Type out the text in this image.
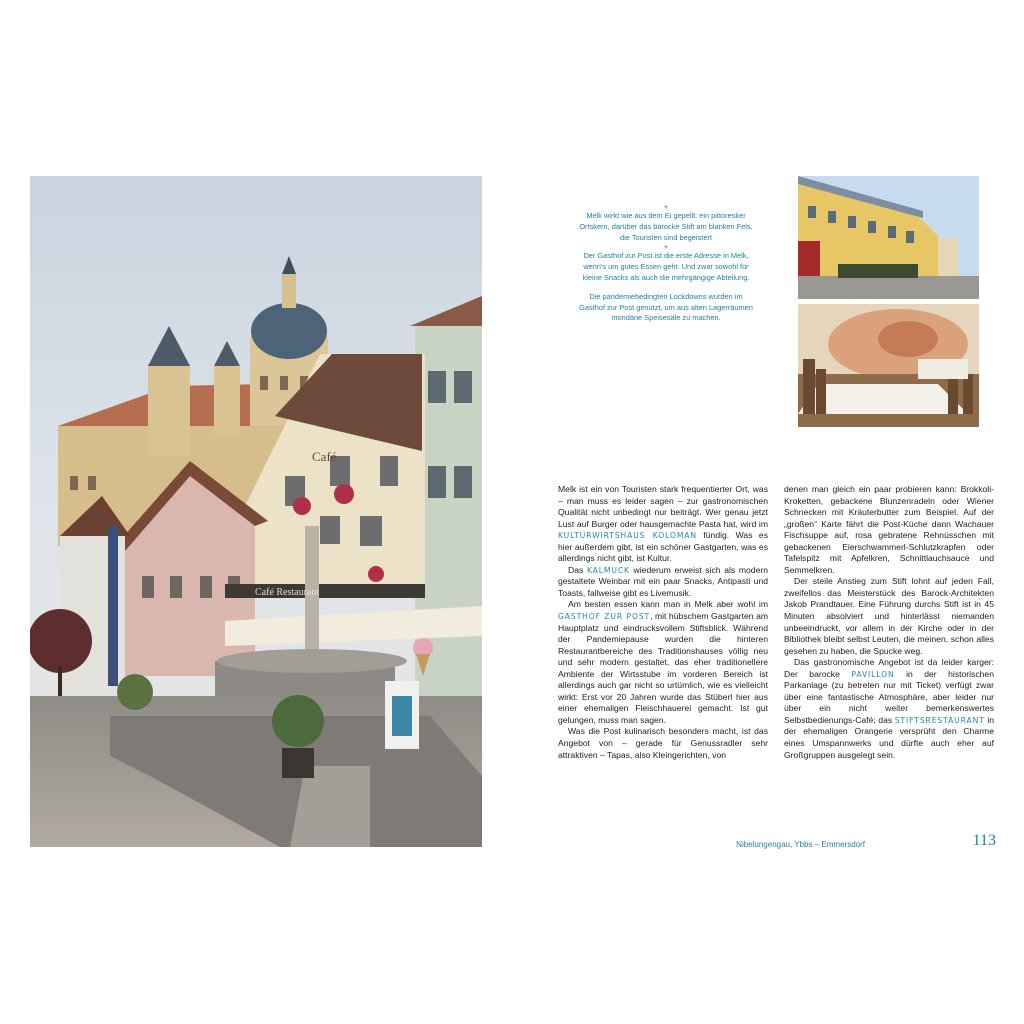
Café
Café Restaurant
+

Melk wirkt wie aus dem Ei gepellt: ein pittoresker Ortskern, darüber das barocke Stift am blanken Fels, die Touristen sind begeistert

+

Der Gasthof zur Post ist die erste Adresse in Melk, wenn's um gutes Essen geht. Und zwar sowohl für kleine Snacks als auch die mehrgängige Abteilung.

Die pandemiebedingten Lockdowns wurden im Gasthof zur Post genutzt, um aus alten Lagerräumen mondäne Speisesäle zu machen.

Melk ist ein von Touristen stark frequentierter Ort, was – man muss es leider sagen – zur gastronomischen Qualität nicht unbedingt nur beiträgt. Wer genau jetzt Lust auf Burger oder hausgemachte Pasta hat, wird im KULTURWIRTSHAUS KOLOMAN fündig. Was es hier außerdem gibt, ist ein schöner Gastgarten, was es allerdings nicht gibt, ist Kultur.

Das KALMUCK wiederum erweist sich als modern gestaltete Weinbar mit ein paar Snacks, Antipasti und Toasts, fallweise gibt es Livemusik.

Am besten essen kann man in Melk aber wohl im GASTHOF ZUR POST, mit hübschem Gastgarten am Hauptplatz und eindrucksvollem Stiftsblick. Während der Pandemiepause wurden die hinteren Restaurantbereiche des Traditionshauses völlig neu und sehr modern gestaltet, das eher traditionellere Ambiente der Wirtsstube im vorderen Bereich ist allerdings auch gar nicht so urtümlich, wie es vielleicht wirkt: Erst vor 20 Jahren wurde das Stüberl hier aus einer ehemaligen Fleischhauerei gemacht. Ist gut gelungen, muss man sagen.

Was die Post kulinarisch besonders macht, ist das Angebot von – gerade für Genussradler sehr attraktiven – Tapas, also Kleingerichten, von

denen man gleich ein paar probieren kann: Brokkoli-Kroketten, gebackene Blunzenradeln oder Wiener Schnecken mit Kräuterbutter zum Beispiel. Auf der „großen“ Karte fährt die Post-Küche dann Wachauer Fischsuppe auf, rosa gebratene Rehnüsschen mit gebackenen Eierschwammerl-Schlutzkrapfen oder Tafelspitz mit Apfelkren, Schnittlauchsauce und Semmelkren.

Der steile Anstieg zum Stift lohnt auf jeden Fall, zweifellos das Meisterstück des Barock-Architekten Jakob Prandtauer. Eine Führung durchs Stift ist in 45 Minuten absolviert und hinterlässt niemanden unbeeindruckt, vor allem in der Kirche oder in der Bibliothek bleibt selbst Leuten, die meinen, schon alles gesehen zu haben, die Spucke weg.

Das gastronomische Angebot ist da leider karger: Der barocke PAVILLON in der historischen Parkanlage (zu betreten nur mit Ticket) verfügt zwar über eine fantastische Atmosphäre, aber leider nur über ein nicht weiter bemerkenswertes Selbstbedienungs-Café; das STIFTSRESTAURANT in der ehemaligen Orangerie versprüht den Charme eines Umspannwerks und dürfte auch eher auf Großgruppen ausgelegt sein.

Nibelungengau, Ybbs – Emmersdorf	113
